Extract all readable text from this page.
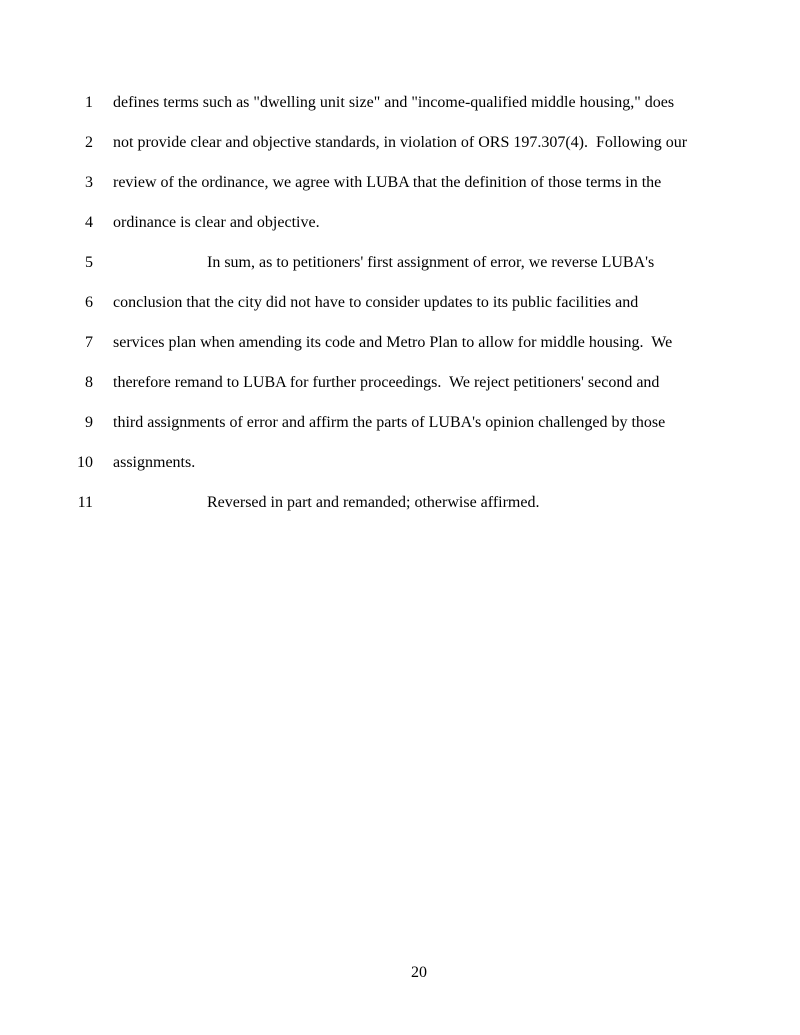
1 defines terms such as "dwelling unit size" and "income-qualified middle housing," does
2 not provide clear and objective standards, in violation of ORS 197.307(4).  Following our
3 review of the ordinance, we agree with LUBA that the definition of those terms in the
4 ordinance is clear and objective.
5	In sum, as to petitioners' first assignment of error, we reverse LUBA's
6 conclusion that the city did not have to consider updates to its public facilities and
7 services plan when amending its code and Metro Plan to allow for middle housing.  We
8 therefore remand to LUBA for further proceedings.  We reject petitioners' second and
9 third assignments of error and affirm the parts of LUBA's opinion challenged by those
10 assignments.
11	Reversed in part and remanded; otherwise affirmed.
20
